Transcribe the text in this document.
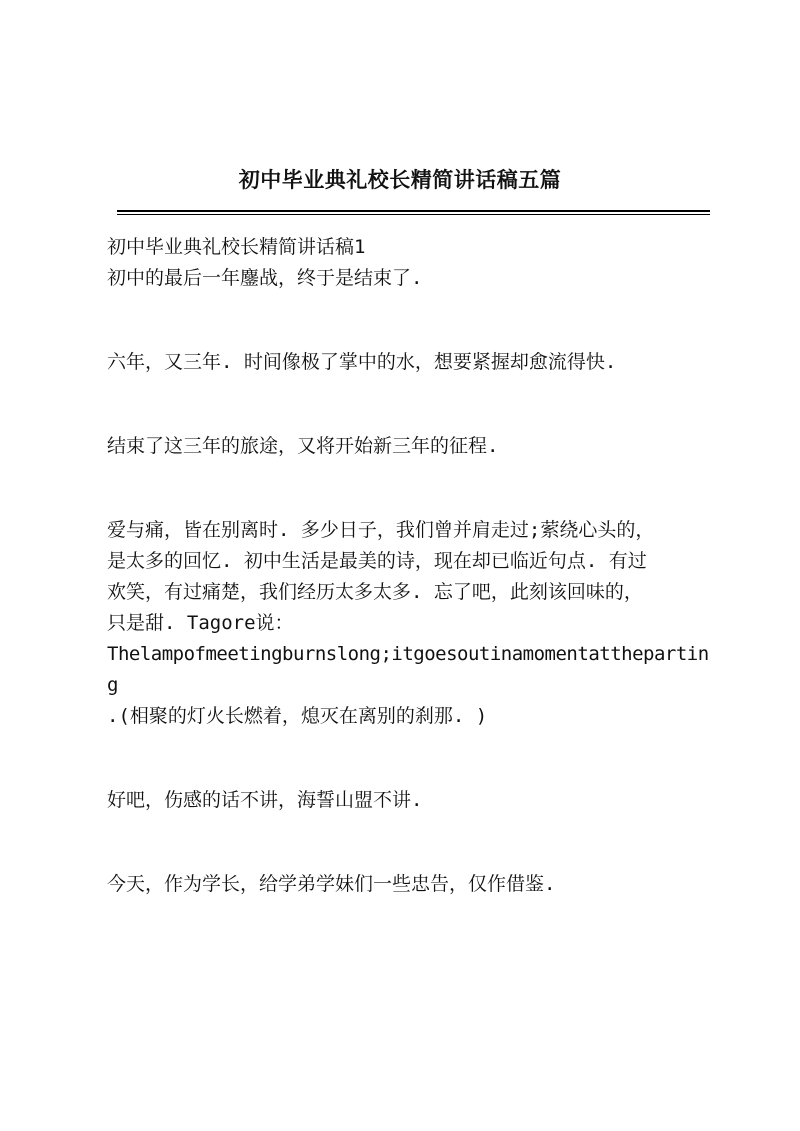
初中毕业典礼校长精简讲话稿五篇

初中毕业典礼校长精简讲话稿1

初中的最后一年鏖战，终于是结束了.

六年，又三年. 时间像极了掌中的水，想要紧握却愈流得快.

结束了这三年的旅途，又将开始新三年的征程.

爱与痛，皆在别离时. 多少日子，我们曾并肩走过;萦绕心头的，

是太多的回忆. 初中生活是最美的诗，现在却已临近句点. 有过

欢笑，有过痛楚，我们经历太多太多. 忘了吧，此刻该回味的，

只是甜. Tagore说：

Thelampofmeetingburnslong;itgoesoutinamomentattheparting

.(相聚的灯火长燃着，熄灭在离别的刹那. )

好吧，伤感的话不讲，海誓山盟不讲.

今天，作为学长，给学弟学妹们一些忠告，仅作借鉴.
